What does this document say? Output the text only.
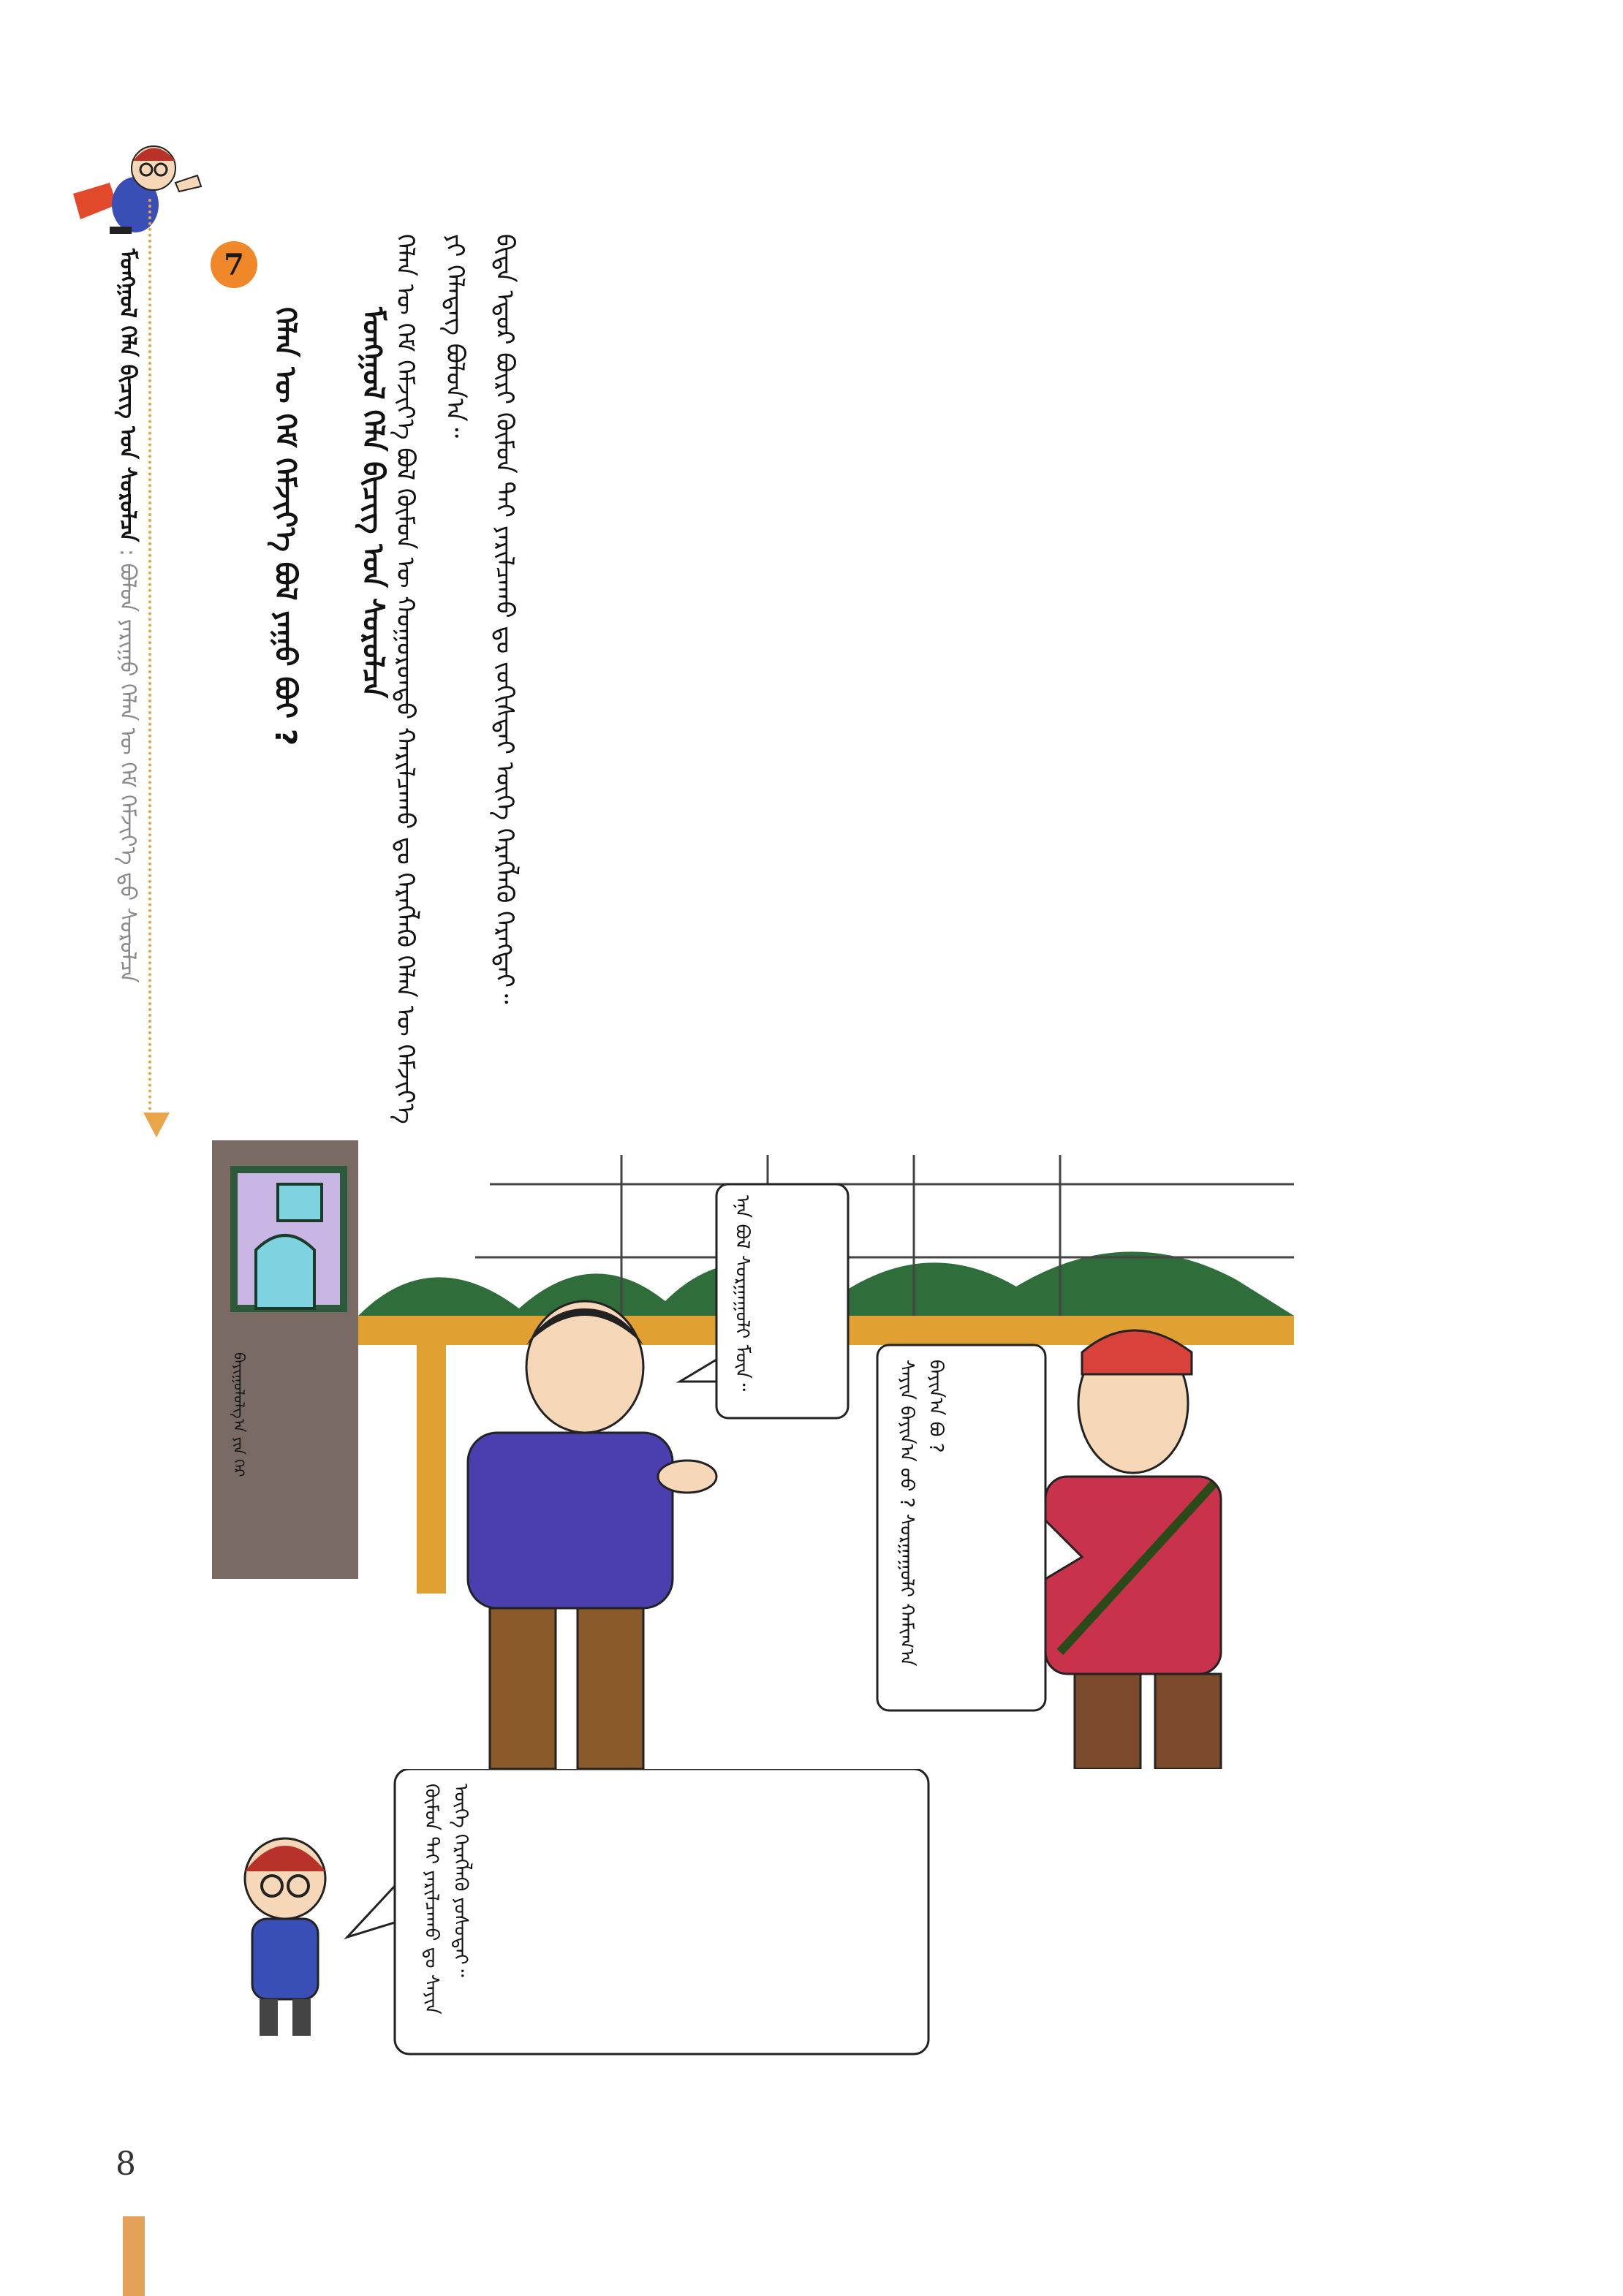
ᠮᠣᠩᠭᠣᠯ ᠬᠡᠯᠡ ᠪᠢᠴᠢᠭ ᠤᠨ ᠰᠤᠷᠤᠯᠴᠠ : ᠪᠣᠯᠤᠨ ᠶᠠᠷᠢᠭᠤ ᠬᠡᠯᠡᠨ ᠦ ᠬᠡᠮ ᠬᠡᠮᠵᠢᠶ᠎ᠡ ᠳ᠋ᠦ ᠰᠤᠷᠤᠯᠴᠠ
8
7
ᠬᠡᠯᠡᠨ ᠦ ᠬᠡᠮ ᠬᠡᠮᠵᠢᠶ᠎ᠡ ᠪᠣᠯ ᠶᠠᠭᠤ ᠪᠣᠢ ?	ᠮᠣᠩᠭᠣᠯ ᠬᠡᠯᠡ ᠪᠢᠴᠢᠭ ᠤᠨ ᠰᠤᠷᠤᠯᠴᠠ ᠬᠡᠯᠡᠨ ᠦ ᠬᠡᠮ ᠬᠡᠮᠵᠢᠶ᠎ᠡ ᠪᠣᠯ ᠬᠦᠮᠦᠨ ᠦ ᠬᠣᠭᠣᠷᠣᠨᠳᠣ ᠬᠠᠷᠢᠯᠴᠠᠬᠤ ᠳᠤ ᠬᠡᠷᠡᠭᠯᠡᠬᠦ ᠬᠡᠯᠡᠨ ᠦ ᠬᠡᠮᠵᠢᠶ᠎ᠡ ᠶᠢ ᠬᠡᠯᠡᠳᠡᠭ ᠪᠣᠯᠤᠨ᠎ᠠ᠃ ᠪᠢᠳᠡ ᠡᠳᠦᠷ ᠪᠦᠷᠢ ᠬᠦᠮᠦᠨ ᠲᠡᠢ ᠶᠠᠷᠢᠯᠴᠠᠬᠤ ᠳᠤ ᠵᠣᠬᠢᠰᠲᠠᠢ ᠦᠭᠡ ᠬᠡᠷᠡᠭᠯᠡᠬᠦ ᠬᠡᠷᠡᠭᠲᠡᠢ᠃

ᠪᠠᠶᠢᠭᠤᠯᠤᠯᠭ᠎ᠠ ᠶᠢᠨ ᠭᠡᠷ
ᠡᠨᠡ ᠪᠣᠯ ᠰᠤᠷᠭᠠᠭᠤᠯᠢ ᠮᠥᠨ᠃
ᠰᠠᠶᠢᠨ ᠪᠠᠶᠢᠨ᠎ᠠ ᠤᠤ ? ᠰᠤᠷᠭᠠᠭᠤᠯᠢ ᠬᠠᠮᠢᠭ᠎ᠠ ᠪᠠᠶᠢᠨ᠎ᠠ ᠪᠤ ?
ᠬᠦᠮᠦᠨ ᠲᠡᠢ ᠶᠠᠷᠢᠯᠴᠠᠬᠤ ᠳᠤ ᠰᠠᠶᠢᠨ ᠦᠭᠡ ᠬᠡᠷᠡᠭᠯᠡᠬᠦ ᠶᠣᠰᠣᠲᠠᠢ᠃
